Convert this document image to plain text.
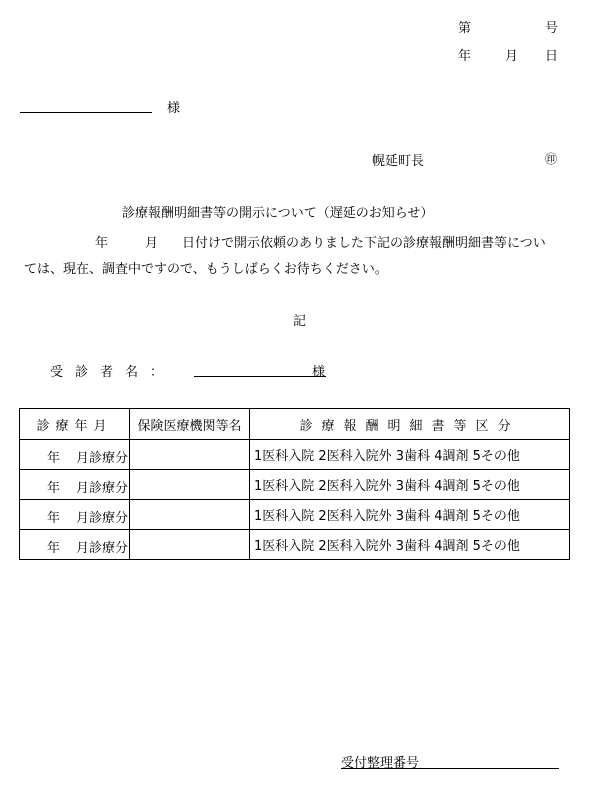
第	号
年	月 日
様
幌延町長	㊞
診療報酬明細書等の開示について（遅延のお知らせ）
年	月 日付けで開示依頼のありました下記の診療報酬明細書等につい
ては、現在、調査中ですので、もうしばらくお待ちください。
記
受診者名：	様
診療年月	保険医療機関等名	診療報酬明細書等区分

年 月診療分		1医科入院 2医科入院外 3歯科 4調剤 5その他

年 月診療分		1医科入院 2医科入院外 3歯科 4調剤 5その他

年 月診療分		1医科入院 2医科入院外 3歯科 4調剤 5その他

年 月診療分		1医科入院 2医科入院外 3歯科 4調剤 5その他
受付整理番号
